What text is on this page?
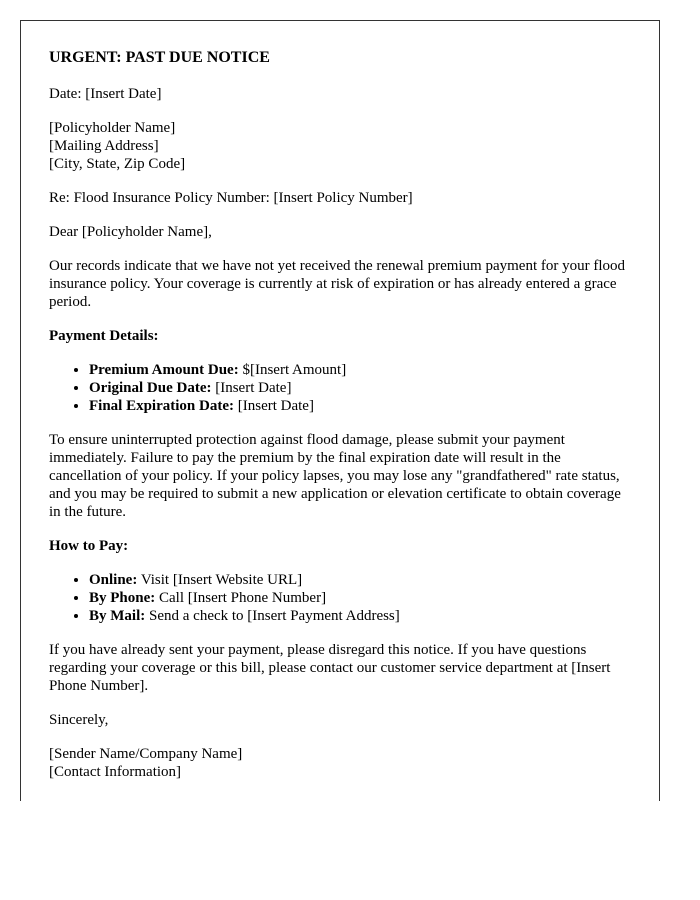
URGENT: PAST DUE NOTICE

Date: [Insert Date]

[Policyholder Name]
[Mailing Address]
[City, State, Zip Code]

Re: Flood Insurance Policy Number: [Insert Policy Number]

Dear [Policyholder Name],

Our records indicate that we have not yet received the renewal premium payment for your flood insurance policy. Your coverage is currently at risk of expiration or has already entered a grace period.

Payment Details:

• Premium Amount Due: $[Insert Amount]
• Original Due Date: [Insert Date]
• Final Expiration Date: [Insert Date]

To ensure uninterrupted protection against flood damage, please submit your payment immediately. Failure to pay the premium by the final expiration date will result in the cancellation of your policy. If your policy lapses, you may lose any "grandfathered" rate status, and you may be required to submit a new application or elevation certificate to obtain coverage in the future.

How to Pay:

• Online: Visit [Insert Website URL]
• By Phone: Call [Insert Phone Number]
• By Mail: Send a check to [Insert Payment Address]

If you have already sent your payment, please disregard this notice. If you have questions regarding your coverage or this bill, please contact our customer service department at [Insert Phone Number].

Sincerely,

[Sender Name/Company Name]
[Contact Information]
